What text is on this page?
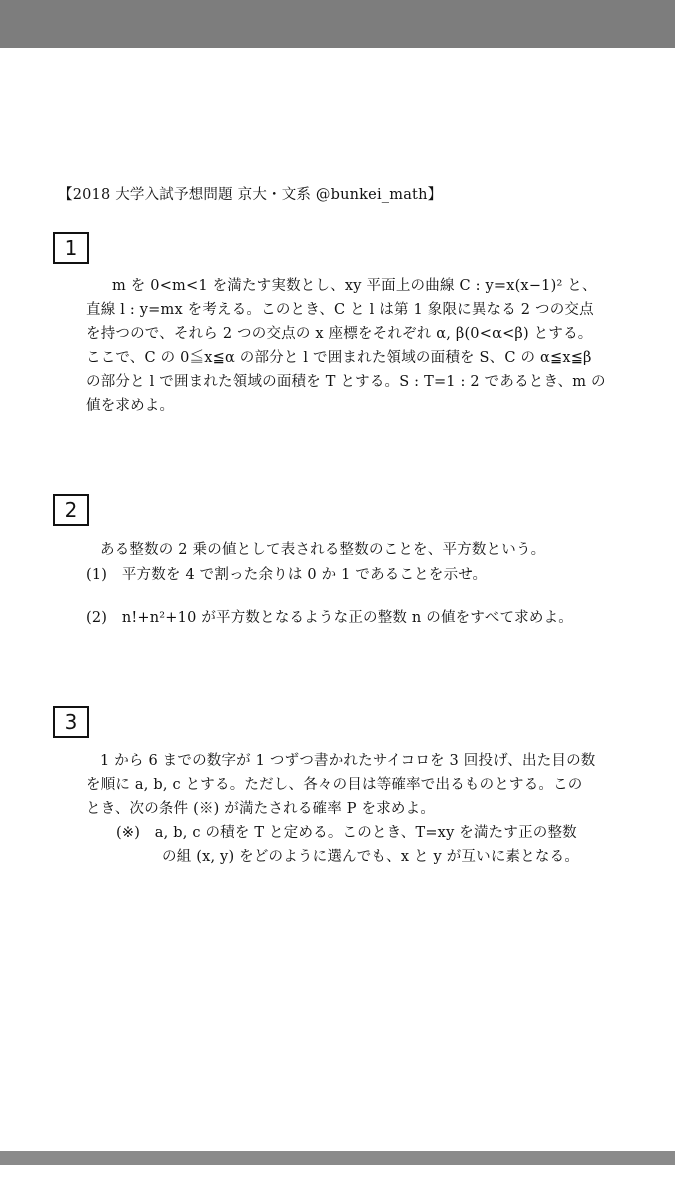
【2018 大学入試予想問題 京大・文系 @bunkei_math】
1
m を 0<m<1 を満たす実数とし、xy 平面上の曲線 C : y=x(x−1)² と、
直線 l : y=mx を考える。このとき、C と l は第 1 象限に異なる 2 つの交点
を持つので、それら 2 つの交点の x 座標をそれぞれ α, β(0<α<β) とする。
ここで、C の 0≦x≦α の部分と l で囲まれた領域の面積を S、C の α≦x≦β
の部分と l で囲まれた領域の面積を T とする。S : T=1 : 2 であるとき、m の
値を求めよ。
2
ある整数の 2 乗の値として表される整数のことを、平方数という。
(1)　平方数を 4 で割った余りは 0 か 1 であることを示せ。
(2)　n!+n²+10 が平方数となるような正の整数 n の値をすべて求めよ。
3
1 から 6 までの数字が 1 つずつ書かれたサイコロを 3 回投げ、出た目の数
を順に a, b, c とする。ただし、各々の目は等確率で出るものとする。この
とき、次の条件 (※) が満たされる確率 P を求めよ。
(※)　a, b, c の積を T と定める。このとき、T=xy を満たす正の整数
の組 (x, y) をどのように選んでも、x と y が互いに素となる。
